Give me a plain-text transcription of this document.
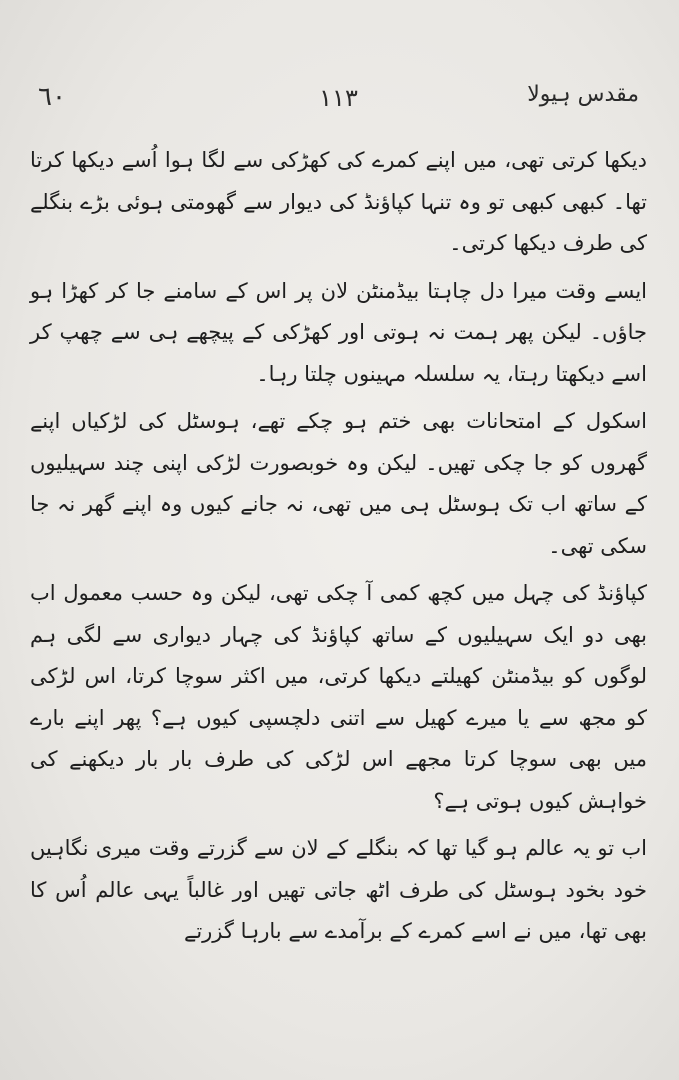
٦٠	١١٣	مقدس ہیولا

دیکھا کرتی تھی، میں اپنے کمرے کی کھڑکی سے لگا ہوا اُسے دیکھا کرتا تھا۔ کبھی کبھی تو وہ تنہا کپاؤنڈ کی دیوار سے گھومتی ہوئی بڑے بنگلے کی طرف دیکھا کرتی۔

ایسے وقت میرا دل چاہتا بیڈمنٹن لان پر اس کے سامنے جا کر کھڑا ہو جاؤں۔ لیکن پھر ہمت نہ ہوتی اور کھڑکی کے پیچھے ہی سے چھپ کر اسے دیکھتا رہتا، یہ سلسلہ مہینوں چلتا رہا۔

اسکول کے امتحانات بھی ختم ہو چکے تھے، ہوسٹل کی لڑکیاں اپنے گھروں کو جا چکی تھیں۔ لیکن وہ خوبصورت لڑکی اپنی چند سہیلیوں کے ساتھ اب تک ہوسٹل ہی میں تھی، نہ جانے کیوں وہ اپنے گھر نہ جا سکی تھی۔

کپاؤنڈ کی چہل میں کچھ کمی آ چکی تھی، لیکن وہ حسب معمول اب بھی دو ایک سہیلیوں کے ساتھ کپاؤنڈ کی چہار دیواری سے لگی ہم لوگوں کو بیڈمنٹن کھیلتے دیکھا کرتی، میں اکثر سوچا کرتا، اس لڑکی کو مجھ سے یا میرے کھیل سے اتنی دلچسپی کیوں ہے؟ پھر اپنے بارے میں بھی سوچا کرتا مجھے اس لڑکی کی طرف بار بار دیکھنے کی خواہش کیوں ہوتی ہے؟

اب تو یہ عالم ہو گیا تھا کہ بنگلے کے لان سے گزرتے وقت میری نگاہیں خود بخود ہوسٹل کی طرف اٹھ جاتی تھیں اور غالباً یہی عالم اُس کا بھی تھا، میں نے اسے کمرے کے برآمدے سے بارہا گزرتے
